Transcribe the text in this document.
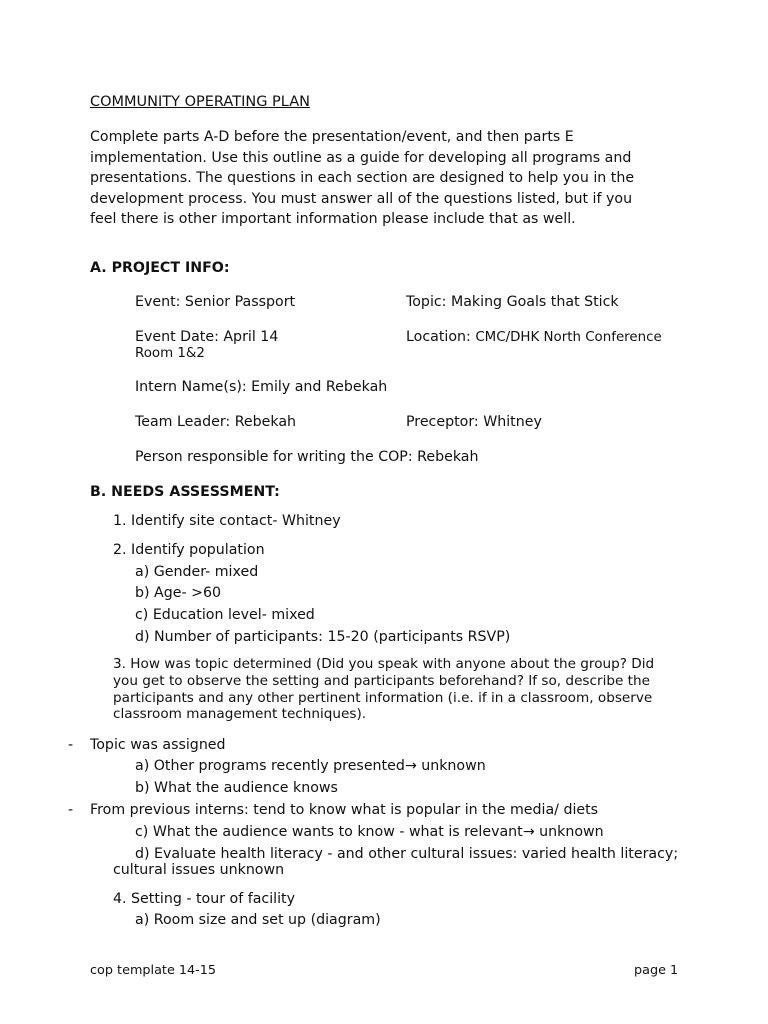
COMMUNITY OPERATING PLAN
Complete parts A-D before the presentation/event, and then parts E
implementation. Use this outline as a guide for developing all programs and
presentations. The questions in each section are designed to help you in the
development process. You must answer all of the questions listed, but if you
feel there is other important information please include that as well.
A. PROJECT INFO:
Event: Senior Passport	Topic: Making Goals that Stick
Event Date: April 14	Location: CMC/DHK North Conference
Room 1&2
Intern Name(s): Emily and Rebekah
Team Leader: Rebekah	Preceptor: Whitney
Person responsible for writing the COP: Rebekah
B. NEEDS ASSESSMENT:
1. Identify site contact- Whitney
2. Identify population
a) Gender- mixed
b) Age- >60
c) Education level- mixed
d) Number of participants: 15-20 (participants RSVP)
3. How was topic determined (Did you speak with anyone about the group? Did
you get to observe the setting and participants beforehand? If so, describe the
participants and any other pertinent information (i.e. if in a classroom, observe
classroom management techniques).
- Topic was assigned
a) Other programs recently presented→ unknown
b) What the audience knows
- From previous interns: tend to know what is popular in the media/ diets
c) What the audience wants to know - what is relevant→ unknown
d) Evaluate health literacy - and other cultural issues: varied health literacy;
cultural issues unknown
4. Setting - tour of facility
a) Room size and set up (diagram)
cop template 14-15	page 1
